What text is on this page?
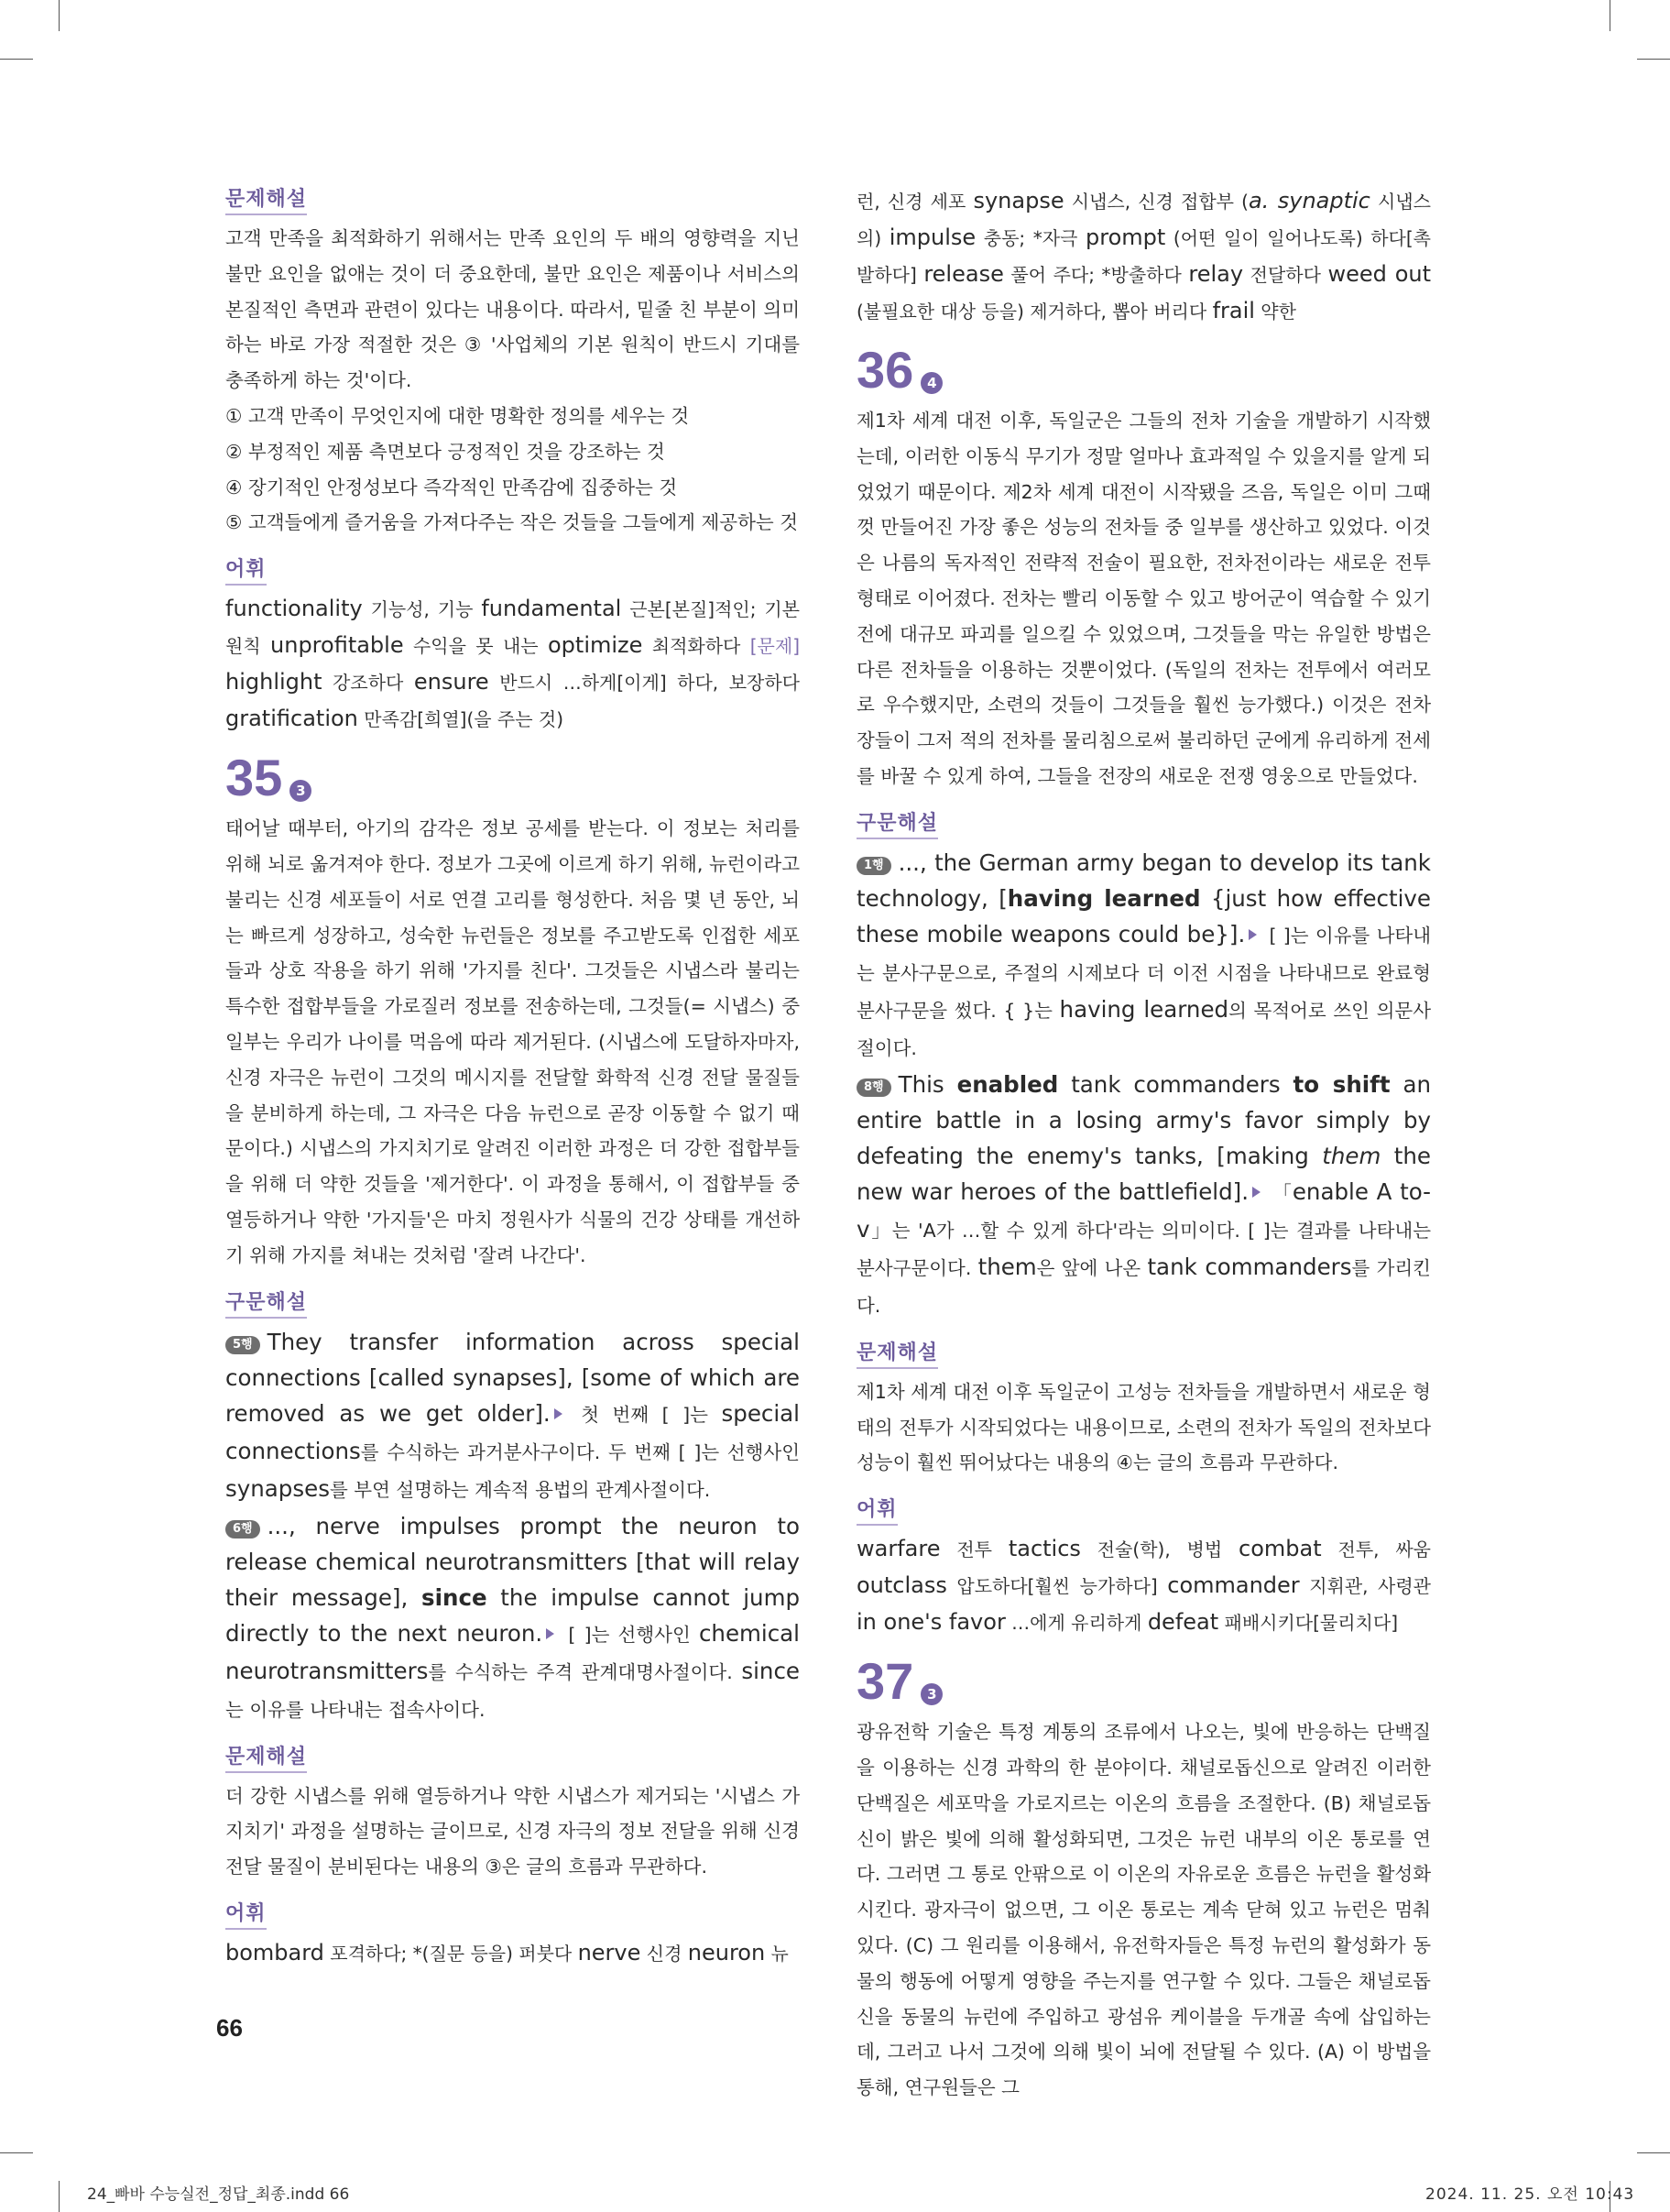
문제해설

고객 만족을 최적화하기 위해서는 만족 요인의 두 배의 영향력을 지닌 불만 요인을 없애는 것이 더 중요한데, 불만 요인은 제품이나 서비스의 본질적인 측면과 관련이 있다는 내용이다. 따라서, 밑줄 친 부분이 의미하는 바로 가장 적절한 것은 ③ '사업체의 기본 원칙이 반드시 기대를 충족하게 하는 것'이다.

① 고객 만족이 무엇인지에 대한 명확한 정의를 세우는 것

② 부정적인 제품 측면보다 긍정적인 것을 강조하는 것

④ 장기적인 안정성보다 즉각적인 만족감에 집중하는 것

⑤ 고객들에게 즐거움을 가져다주는 작은 것들을 그들에게 제공하는 것

어휘

functionality 기능성, 기능 fundamental 근본[본질]적인; 기본 원칙 unprofitable 수익을 못 내는 optimize 최적화하다 [문제] highlight 강조하다 ensure 반드시 …하게[이게] 하다, 보장하다 gratification 만족감[희열](을 주는 것)

35 3

태어날 때부터, 아기의 감각은 정보 공세를 받는다. 이 정보는 처리를 위해 뇌로 옮겨져야 한다. 정보가 그곳에 이르게 하기 위해, 뉴런이라고 불리는 신경 세포들이 서로 연결 고리를 형성한다. 처음 몇 년 동안, 뇌는 빠르게 성장하고, 성숙한 뉴런들은 정보를 주고받도록 인접한 세포들과 상호 작용을 하기 위해 '가지를 친다'. 그것들은 시냅스라 불리는 특수한 접합부들을 가로질러 정보를 전송하는데, 그것들(= 시냅스) 중 일부는 우리가 나이를 먹음에 따라 제거된다. (시냅스에 도달하자마자, 신경 자극은 뉴런이 그것의 메시지를 전달할 화학적 신경 전달 물질들을 분비하게 하는데, 그 자극은 다음 뉴런으로 곧장 이동할 수 없기 때문이다.) 시냅스의 가지치기로 알려진 이러한 과정은 더 강한 접합부들을 위해 더 약한 것들을 '제거한다'. 이 과정을 통해서, 이 접합부들 중 열등하거나 약한 '가지들'은 마치 정원사가 식물의 건강 상태를 개선하기 위해 가지를 쳐내는 것처럼 '잘려 나간다'.

구문해설

5행 They transfer information across special connections [called synapses], [some of which are removed as we get older]. 첫 번째 [ ]는 special connections를 수식하는 과거분사구이다. 두 번째 [ ]는 선행사인 synapses를 부연 설명하는 계속적 용법의 관계사절이다.

6행 ..., nerve impulses prompt the neuron to release chemical neurotransmitters [that will relay their message], since the impulse cannot jump directly to the next neuron. [ ]는 선행사인 chemical neurotransmitters를 수식하는 주격 관계대명사절이다. since는 이유를 나타내는 접속사이다.

문제해설

더 강한 시냅스를 위해 열등하거나 약한 시냅스가 제거되는 '시냅스 가지치기' 과정을 설명하는 글이므로, 신경 자극의 정보 전달을 위해 신경 전달 물질이 분비된다는 내용의 ③은 글의 흐름과 무관하다.

어휘

bombard 포격하다; *(질문 등을) 퍼붓다 nerve 신경 neuron 뉴

런, 신경 세포 synapse 시냅스, 신경 접합부 (a. synaptic 시냅스의) impulse 충동; *자극 prompt (어떤 일이 일어나도록) 하다[촉발하다] release 풀어 주다; *방출하다 relay 전달하다 weed out (불필요한 대상 등을) 제거하다, 뽑아 버리다 frail 약한

36 4

제1차 세계 대전 이후, 독일군은 그들의 전차 기술을 개발하기 시작했는데, 이러한 이동식 무기가 정말 얼마나 효과적일 수 있을지를 알게 되었었기 때문이다. 제2차 세계 대전이 시작됐을 즈음, 독일은 이미 그때껏 만들어진 가장 좋은 성능의 전차들 중 일부를 생산하고 있었다. 이것은 나름의 독자적인 전략적 전술이 필요한, 전차전이라는 새로운 전투 형태로 이어졌다. 전차는 빨리 이동할 수 있고 방어군이 역습할 수 있기 전에 대규모 파괴를 일으킬 수 있었으며, 그것들을 막는 유일한 방법은 다른 전차들을 이용하는 것뿐이었다. (독일의 전차는 전투에서 여러모로 우수했지만, 소련의 것들이 그것들을 훨씬 능가했다.) 이것은 전차장들이 그저 적의 전차를 물리침으로써 불리하던 군에게 유리하게 전세를 바꿀 수 있게 하여, 그들을 전장의 새로운 전쟁 영웅으로 만들었다.

구문해설

1행 ..., the German army began to develop its tank technology, [having learned {just how effective these mobile weapons could be}]. [ ]는 이유를 나타내는 분사구문으로, 주절의 시제보다 더 이전 시점을 나타내므로 완료형 분사구문을 썼다. { }는 having learned의 목적어로 쓰인 의문사절이다.

8행 This enabled tank commanders to shift an entire battle in a losing army's favor simply by defeating the enemy's tanks, [making them the new war heroes of the battlefield]. 「enable A to-v」는 'A가 …할 수 있게 하다'라는 의미이다. [ ]는 결과를 나타내는 분사구문이다. them은 앞에 나온 tank commanders를 가리킨다.

문제해설

제1차 세계 대전 이후 독일군이 고성능 전차들을 개발하면서 새로운 형태의 전투가 시작되었다는 내용이므로, 소련의 전차가 독일의 전차보다 성능이 훨씬 뛰어났다는 내용의 ④는 글의 흐름과 무관하다.

어휘

warfare 전투 tactics 전술(학), 병법 combat 전투, 싸움 outclass 압도하다[훨씬 능가하다] commander 지휘관, 사령관 in one's favor …에게 유리하게 defeat 패배시키다[물리치다]

37 3

광유전학 기술은 특정 계통의 조류에서 나오는, 빛에 반응하는 단백질을 이용하는 신경 과학의 한 분야이다. 채널로돕신으로 알려진 이러한 단백질은 세포막을 가로지르는 이온의 흐름을 조절한다. (B) 채널로돕신이 밝은 빛에 의해 활성화되면, 그것은 뉴런 내부의 이온 통로를 연다. 그러면 그 통로 안팎으로 이 이온의 자유로운 흐름은 뉴런을 활성화시킨다. 광자극이 없으면, 그 이온 통로는 계속 닫혀 있고 뉴런은 멈춰있다. (C) 그 원리를 이용해서, 유전학자들은 특정 뉴런의 활성화가 동물의 행동에 어떻게 영향을 주는지를 연구할 수 있다. 그들은 채널로돕신을 동물의 뉴런에 주입하고 광섬유 케이블을 두개골 속에 삽입하는데, 그러고 나서 그것에 의해 빛이 뇌에 전달될 수 있다. (A) 이 방법을 통해, 연구원들은 그

66
24_빠바 수능실전_정답_최종.indd 66	2024. 11. 25. 오전 10:43
